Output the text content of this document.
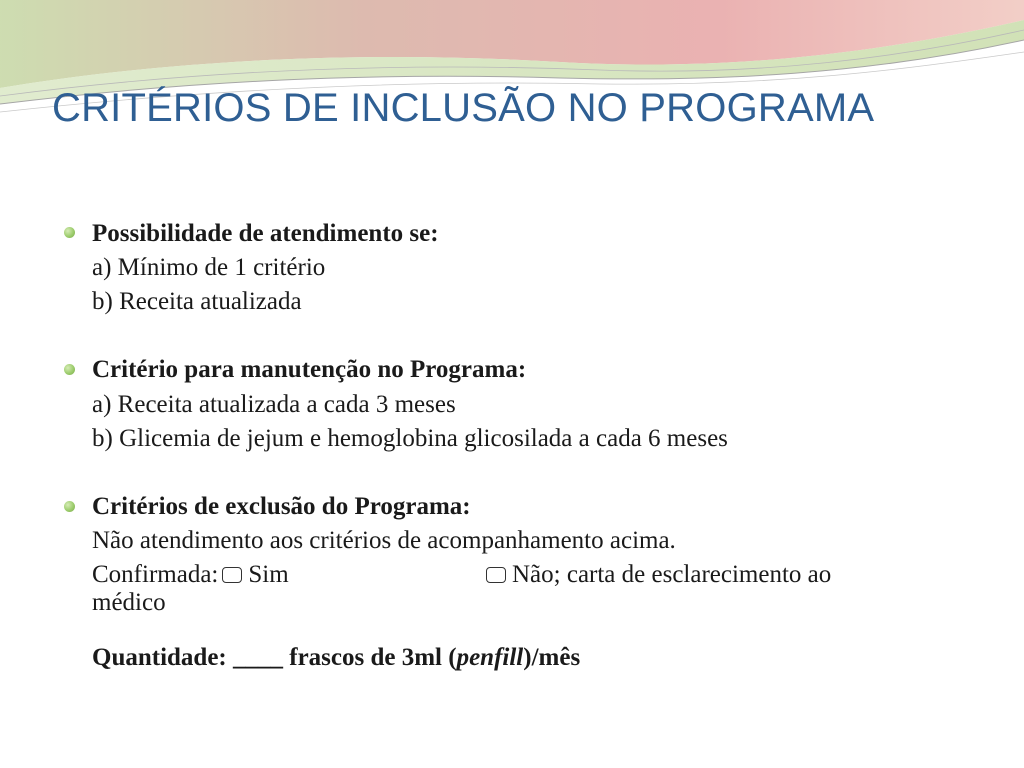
CRITÉRIOS DE INCLUSÃO NO PROGRAMA
Possibilidade de atendimento se:
a) Mínimo de 1 critério
b) Receita atualizada
Critério para manutenção no Programa:
a) Receita atualizada a cada 3 meses
b) Glicemia de jejum e hemoglobina glicosilada a cada 6 meses
Critérios de exclusão do Programa:
Não atendimento aos critérios de acompanhamento acima.
Confirmada: Sim	Não; carta de esclarecimento ao
médico
Quantidade: ____ frascos de 3ml (penfill)/mês
